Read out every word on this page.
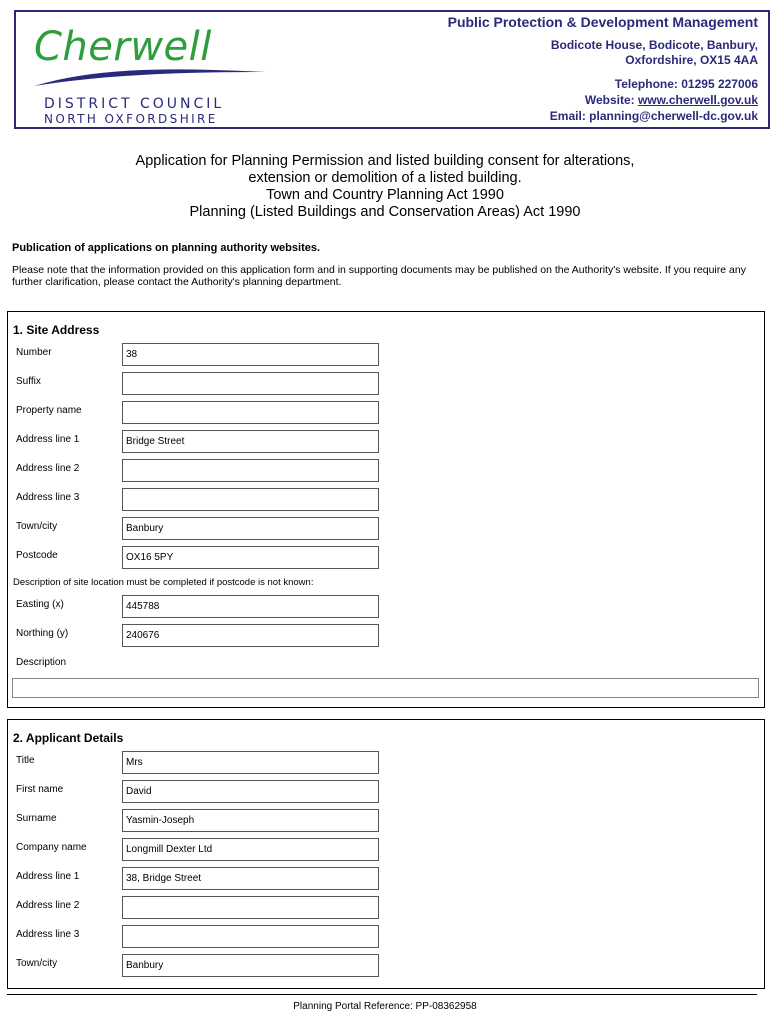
Cherwell
DISTRICT COUNCIL
NORTH OXFORDSHIRE
Public Protection & Development Management
Bodicote House, Bodicote, Banbury,
Oxfordshire, OX15 4AA
Telephone: 01295 227006
Website: www.cherwell.gov.uk
Email: planning@cherwell-dc.gov.uk
Application for Planning Permission and listed building consent for alterations,
extension or demolition of a listed building.
Town and Country Planning Act 1990
Planning (Listed Buildings and Conservation Areas) Act 1990
Publication of applications on planning authority websites.
Please note that the information provided on this application form and in supporting documents may be published on the Authority's website. If you require any further clarification, please contact the Authority's planning department.
1. Site Address
Number	38
Suffix
Property name
Address line 1	Bridge Street
Address line 2
Address line 3
Town/city	Banbury
Postcode	OX16 5PY
Description of site location must be completed if postcode is not known:
Easting (x)	445788
Northing (y)	240676
Description
2. Applicant Details
Title	Mrs
First name	David
Surname	Yasmin-Joseph
Company name	Longmill Dexter Ltd
Address line 1	38, Bridge Street
Address line 2
Address line 3
Town/city	Banbury
Planning Portal Reference: PP-08362958
